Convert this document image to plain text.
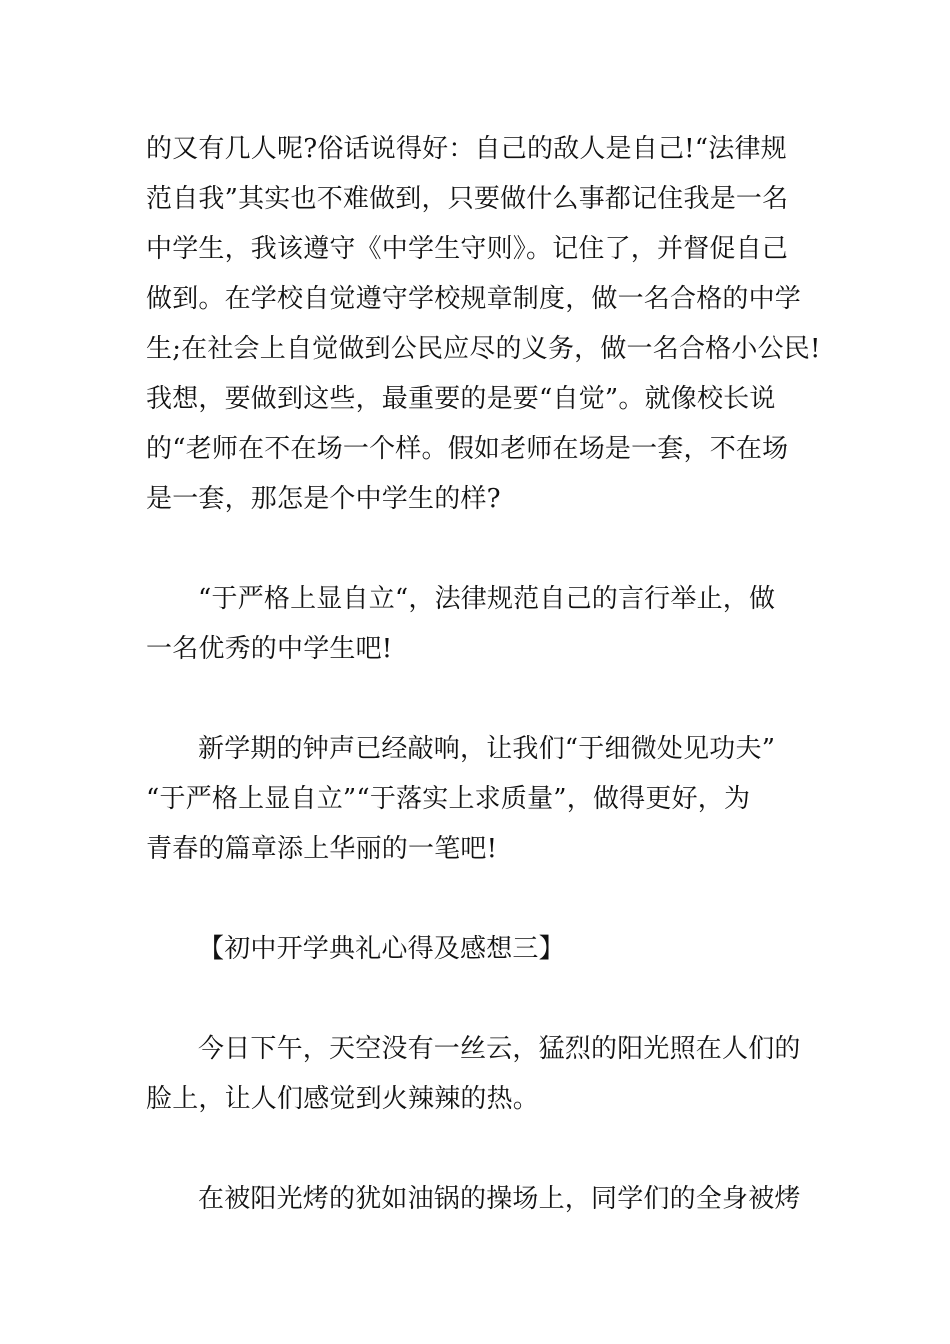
的又有几人呢?俗话说得好：自己的敌人是自己!“法律规
范自我”其实也不难做到，只要做什么事都记住我是一名
中学生，我该遵守《中学生守则》。记住了，并督促自己
做到。在学校自觉遵守学校规章制度，做一名合格的中学
生;在社会上自觉做到公民应尽的义务，做一名合格小公民!
我想，要做到这些，最重要的是要“自觉”。就像校长说
的“老师在不在场一个样。假如老师在场是一套，不在场
是一套，那怎是个中学生的样?
“于严格上显自立“，法律规范自己的言行举止，做
一名优秀的中学生吧!
新学期的钟声已经敲响，让我们“于细微处见功夫”
“于严格上显自立”“于落实上求质量”，做得更好，为
青春的篇章添上华丽的一笔吧!
【初中开学典礼心得及感想三】
今日下午，天空没有一丝云，猛烈的阳光照在人们的
脸上，让人们感觉到火辣辣的热。
在被阳光烤的犹如油锅的操场上，同学们的全身被烤
